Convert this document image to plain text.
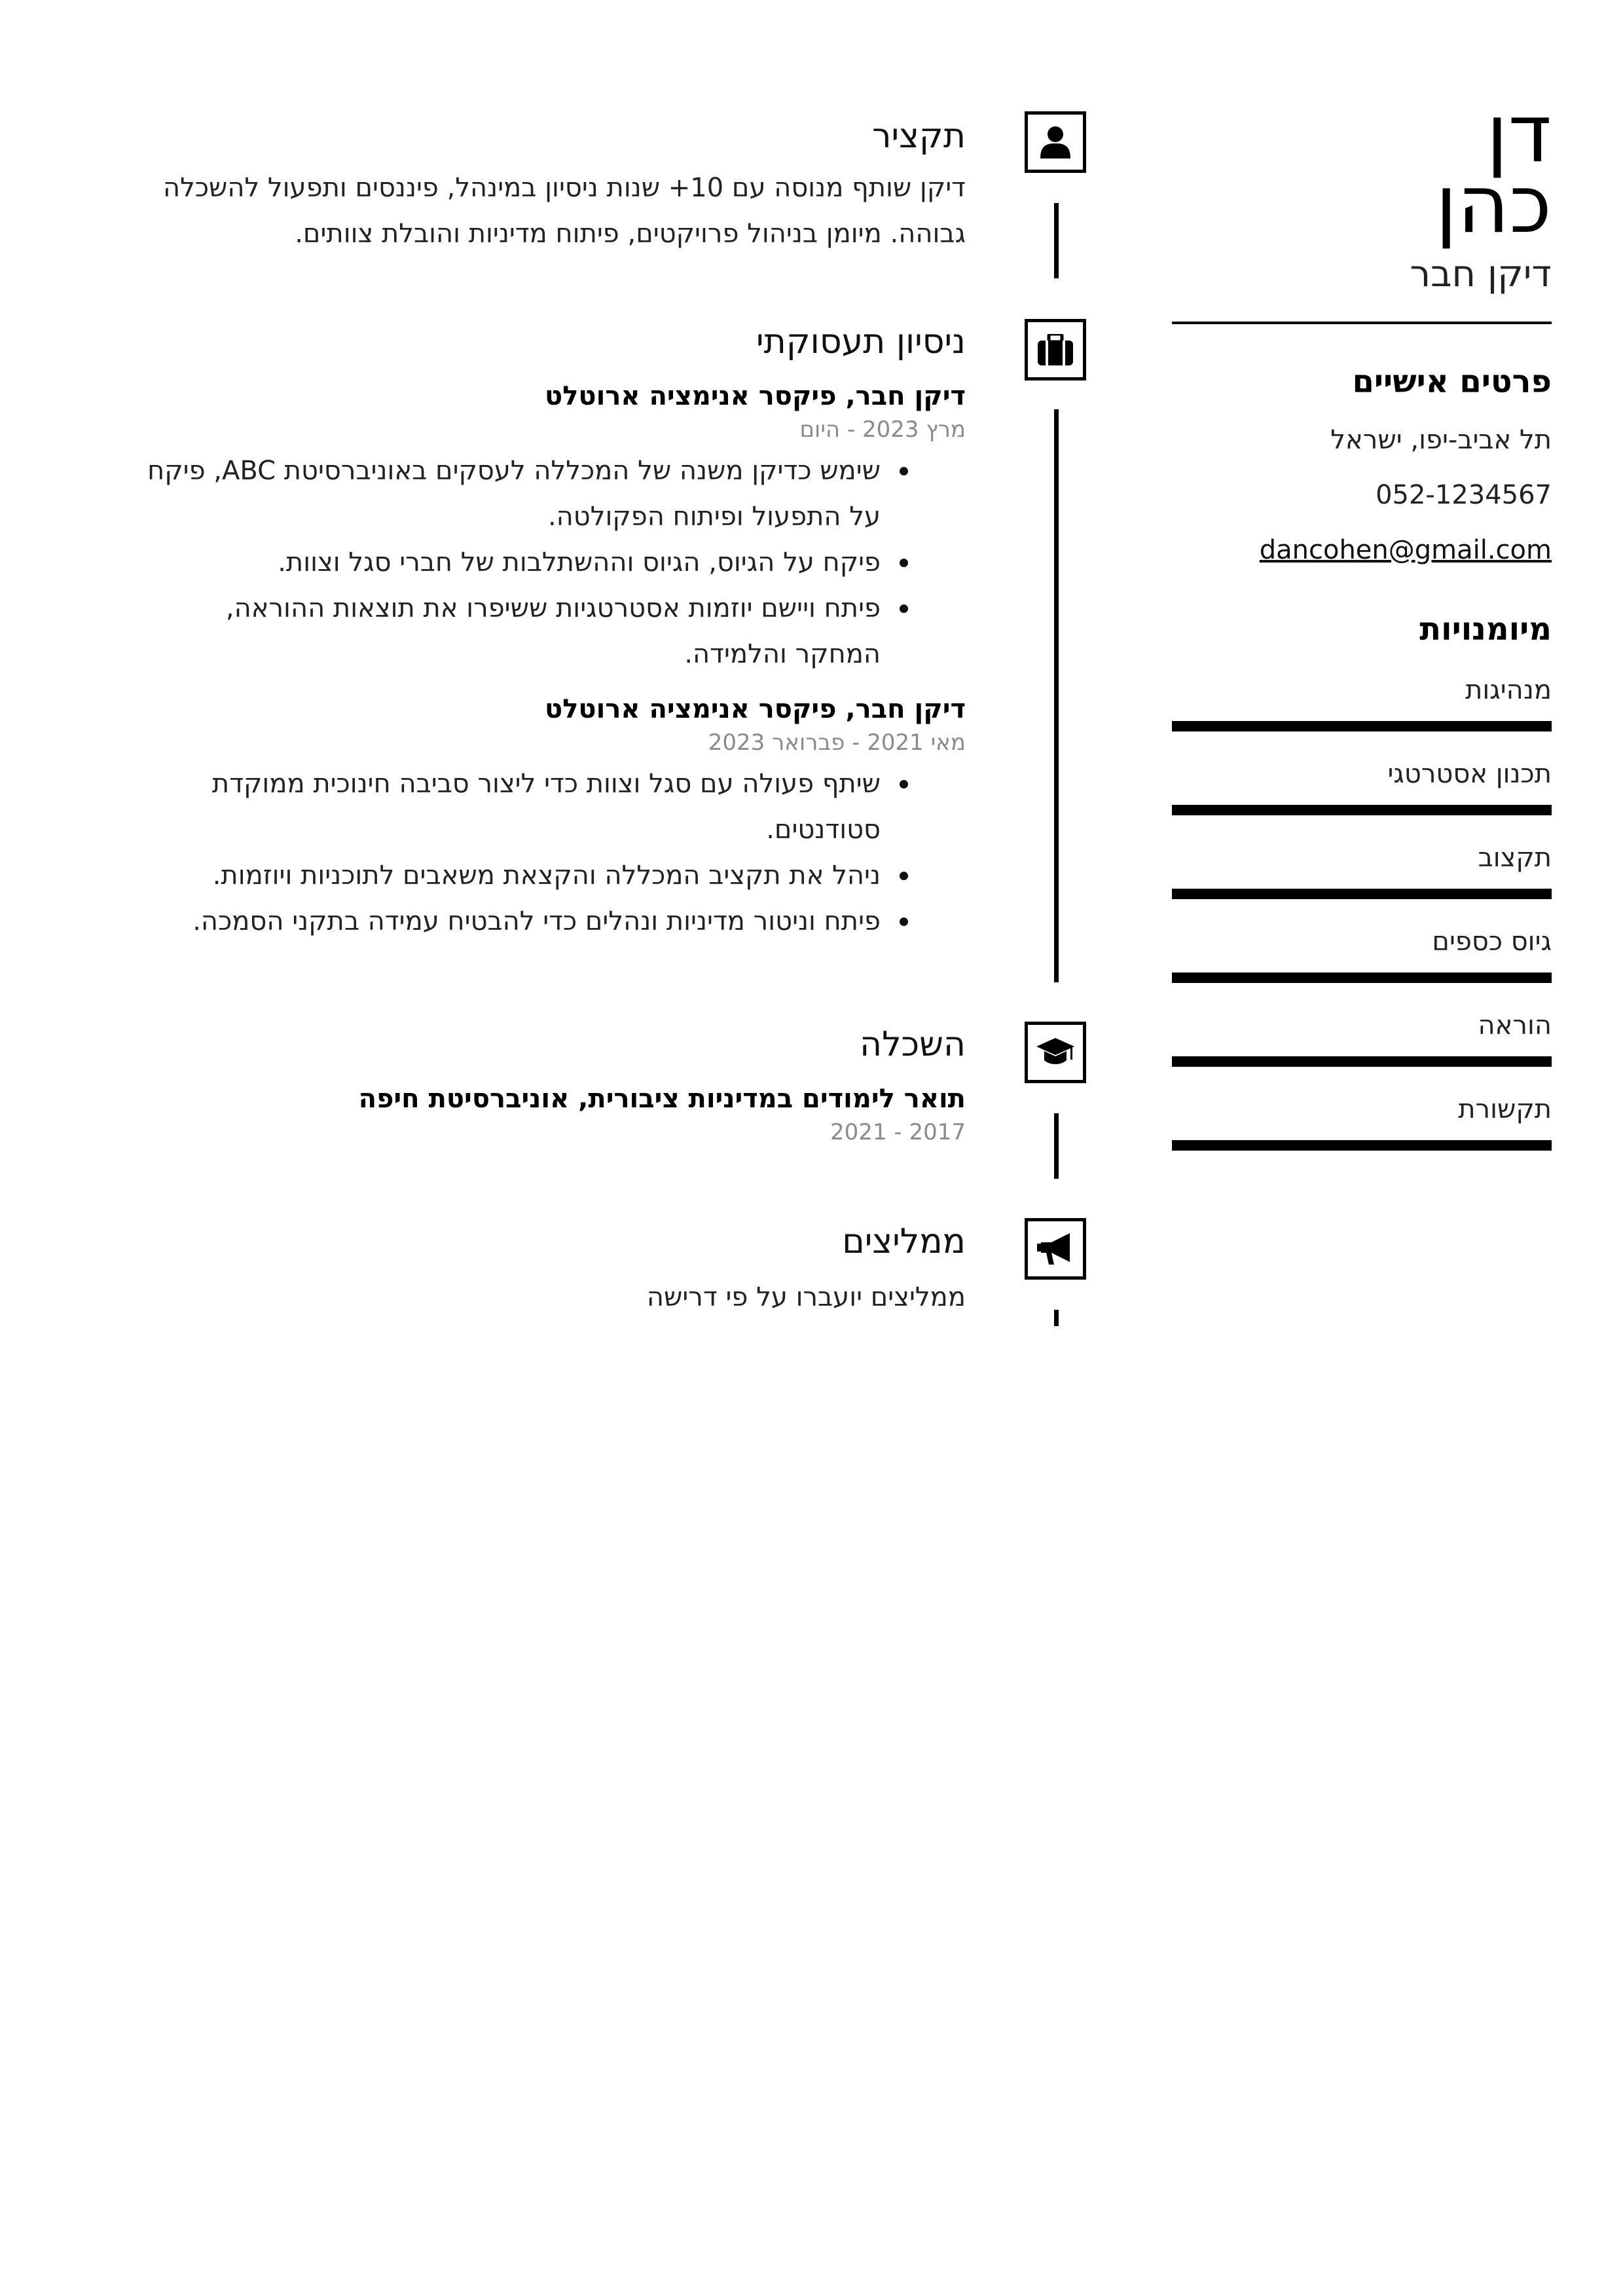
דן
כהן
דיקן חבר
פרטים אישיים
תל אביב-יפו, ישראל
052-1234567
dancohen@gmail.com
מיומנויות
מנהיגות
תכנון אסטרטגי
תקצוב
גיוס כספים
הוראה
תקשורת
תקציר
דיקן שותף מנוסה עם 10+ שנות ניסיון במינהל, פיננסים ותפעול להשכלה גבוהה. מיומן בניהול פרויקטים, פיתוח מדיניות והובלת צוותים.
ניסיון תעסוקתי
דיקן חבר, פיקסר אנימציה ארוטלט
מרץ 2023 - היום
שימש כדיקן משנה של המכללה לעסקים באוניברסיטת ABC, פיקח על התפעול ופיתוח הפקולטה.
פיקח על הגיוס, הגיוס וההשתלבות של חברי סגל וצוות.
פיתח ויישם יוזמות אסטרטגיות ששיפרו את תוצאות ההוראה, המחקר והלמידה.
דיקן חבר, פיקסר אנימציה ארוטלט
מאי 2021 - פברואר 2023
שיתף פעולה עם סגל וצוות כדי ליצור סביבה חינוכית ממוקדת סטודנטים.
ניהל את תקציב המכללה והקצאת משאבים לתוכניות ויוזמות.
פיתח וניטור מדיניות ונהלים כדי להבטיח עמידה בתקני הסמכה.
השכלה
תואר לימודים במדיניות ציבורית, אוניברסיטת חיפה
2017 - 2021
ממליצים
ממליצים יועברו על פי דרישה
